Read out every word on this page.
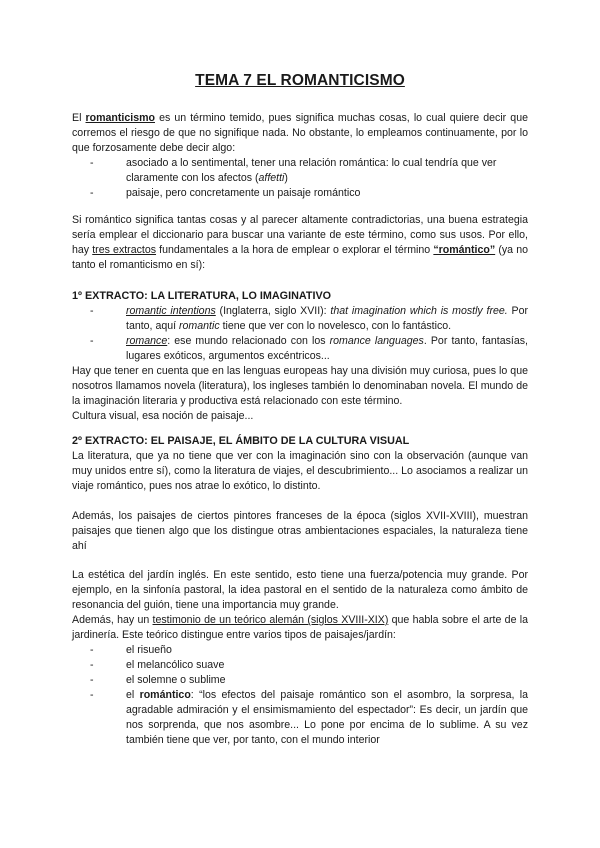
TEMA 7 EL ROMANTICISMO

El romanticismo es un término temido, pues significa muchas cosas, lo cual quiere decir que corremos el riesgo de que no signifique nada. No obstante, lo empleamos continuamente, por lo que forzosamente debe decir algo:

-	asociado a lo sentimental, tener una relación romántica: lo cual tendría que ver claramente con los afectos (affetti)
-	paisaje, pero concretamente un paisaje romántico
Si romántico significa tantas cosas y al parecer altamente contradictorias, una buena estrategia sería emplear el diccionario para buscar una variante de este término, como sus usos. Por ello, hay tres extractos fundamentales a la hora de emplear o explorar el término “romántico” (ya no tanto el romanticismo en sí):
1º EXTRACTO: LA LITERATURA, LO IMAGINATIVO
-	romantic intentions (Inglaterra, siglo XVII): that imagination which is mostly free. Por tanto, aquí romantic tiene que ver con lo novelesco, con lo fantástico.
-	romance: ese mundo relacionado con los romance languages. Por tanto, fantasías, lugares exóticos, argumentos excéntricos...

Hay que tener en cuenta que en las lenguas europeas hay una división muy curiosa, pues lo que nosotros llamamos novela (literatura), los ingleses también lo denominaban novela. El mundo de la imaginación literaria y productiva está relacionado con este término.

Cultura visual, esa noción de paisaje...

2º EXTRACTO: EL PAISAJE, EL ÁMBITO DE LA CULTURA VISUAL

La literatura, que ya no tiene que ver con la imaginación sino con la observación (aunque van muy unidos entre sí), como la literatura de viajes, el descubrimiento... Lo asociamos a realizar un viaje romántico, pues nos atrae lo exótico, lo distinto.

Además, los paisajes de ciertos pintores franceses de la época (siglos XVII-XVIII), muestran paisajes que tienen algo que los distingue otras ambientaciones espaciales, la naturaleza tiene ahí

La estética del jardín inglés. En este sentido, esto tiene una fuerza/potencia muy grande. Por ejemplo, en la sinfonía pastoral, la idea pastoral en el sentido de la naturaleza como ámbito de resonancia del guión, tiene una importancia muy grande.

Además, hay un testimonio de un teórico alemán (siglos XVIII-XIX) que habla sobre el arte de la jardinería. Este teórico distingue entre varios tipos de paisajes/jardín:

-	el risueño
-	el melancólico suave
-	el solemne o sublime
-	el romántico: “los efectos del paisaje romántico son el asombro, la sorpresa, la agradable admiración y el ensimismamiento del espectador”: Es decir, un jardín que nos sorprenda, que nos asombre... Lo pone por encima de lo sublime. A su vez también tiene que ver, por tanto, con el mundo interior
